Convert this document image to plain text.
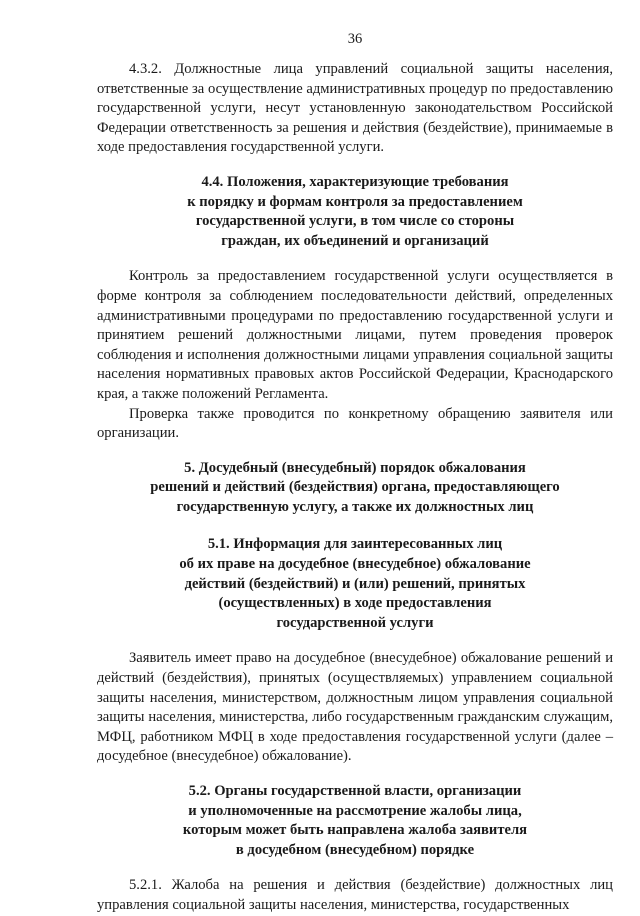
36

4.3.2. Должностные лица управлений социальной защиты населения, ответственные за осуществление административных процедур по предоставлению государственной услуги, несут установленную законодательством Российской Федерации ответственность за решения и действия (бездействие), принимаемые в ходе предоставления государственной услуги.

4.4. Положения, характеризующие требования
к порядку и формам контроля за предоставлением
государственной услуги, в том числе со стороны
граждан, их объединений и организаций

Контроль за предоставлением государственной услуги осуществляется в форме контроля за соблюдением последовательности действий, определенных административными процедурами по предоставлению государственной услуги и принятием решений должностными лицами, путем проведения проверок соблюдения и исполнения должностными лицами управления социальной защиты населения нормативных правовых актов Российской Федерации, Краснодарского края, а также положений Регламента.

Проверка также проводится по конкретному обращению заявителя или организации.

5. Досудебный (внесудебный) порядок обжалования
решений и действий (бездействия) органа, предоставляющего
государственную услугу, а также их должностных лиц
5.1. Информация для заинтересованных лиц
об их праве на досудебное (внесудебное) обжалование
действий (бездействий) и (или) решений, принятых
(осуществленных) в ходе предоставления
государственной услуги

Заявитель имеет право на досудебное (внесудебное) обжалование решений и действий (бездействия), принятых (осуществляемых) управлением социальной защиты населения, министерством, должностным лицом управления социальной защиты населения, министерства, либо государственным гражданским служащим, МФЦ, работником МФЦ в ходе предоставления государственной услуги (далее – досудебное (внесудебное) обжалование).

5.2. Органы государственной власти, организации
и уполномоченные на рассмотрение жалобы лица,
которым может быть направлена жалоба заявителя
в досудебном (внесудебном) порядке

5.2.1. Жалоба на решения и действия (бездействие) должностных лиц управления социальной защиты населения, министерства, государственных
